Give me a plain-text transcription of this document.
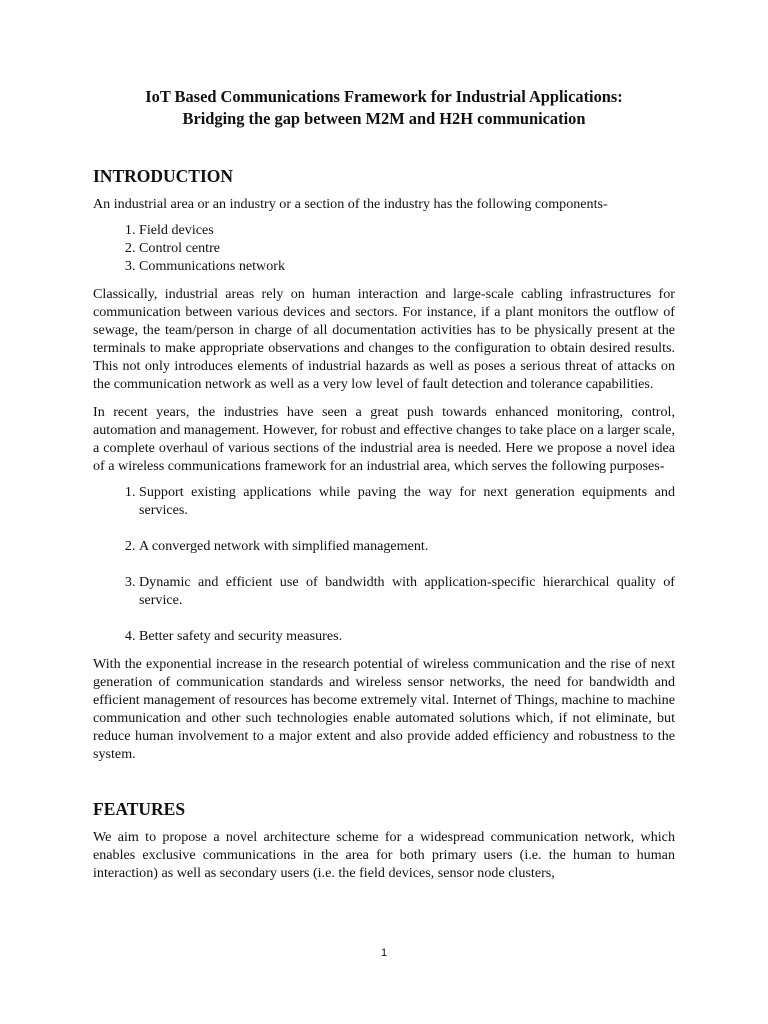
IoT Based Communications Framework for Industrial Applications:
Bridging the gap between M2M and H2H communication
INTRODUCTION

An industrial area or an industry or a section of the industry has the following components-

1. Field devices
2. Control centre
3. Communications network

Classically, industrial areas rely on human interaction and large-scale cabling infrastructures for communication between various devices and sectors. For instance, if a plant monitors the outflow of sewage, the team/person in charge of all documentation activities has to be physically present at the terminals to make appropriate observations and changes to the configuration to obtain desired results. This not only introduces elements of industrial hazards as well as poses a serious threat of attacks on the communication network as well as a very low level of fault detection and tolerance capabilities.

In recent years, the industries have seen a great push towards enhanced monitoring, control, automation and management. However, for robust and effective changes to take place on a larger scale, a complete overhaul of various sections of the industrial area is needed. Here we propose a novel idea of a wireless communications framework for an industrial area, which serves the following purposes-

1. Support existing applications while paving the way for next generation equipments and services.
2. A converged network with simplified management.
3. Dynamic and efficient use of bandwidth with application-specific hierarchical quality of service.
4. Better safety and security measures.

With the exponential increase in the research potential of wireless communication and the rise of next generation of communication standards and wireless sensor networks, the need for bandwidth and efficient management of resources has become extremely vital. Internet of Things, machine to machine communication and other such technologies enable automated solutions which, if not eliminate, but reduce human involvement to a major extent and also provide added efficiency and robustness to the system.

FEATURES

We aim to propose a novel architecture scheme for a widespread communication network, which enables exclusive communications in the area for both primary users (i.e. the human to human interaction) as well as secondary users (i.e. the field devices, sensor node clusters,

1
